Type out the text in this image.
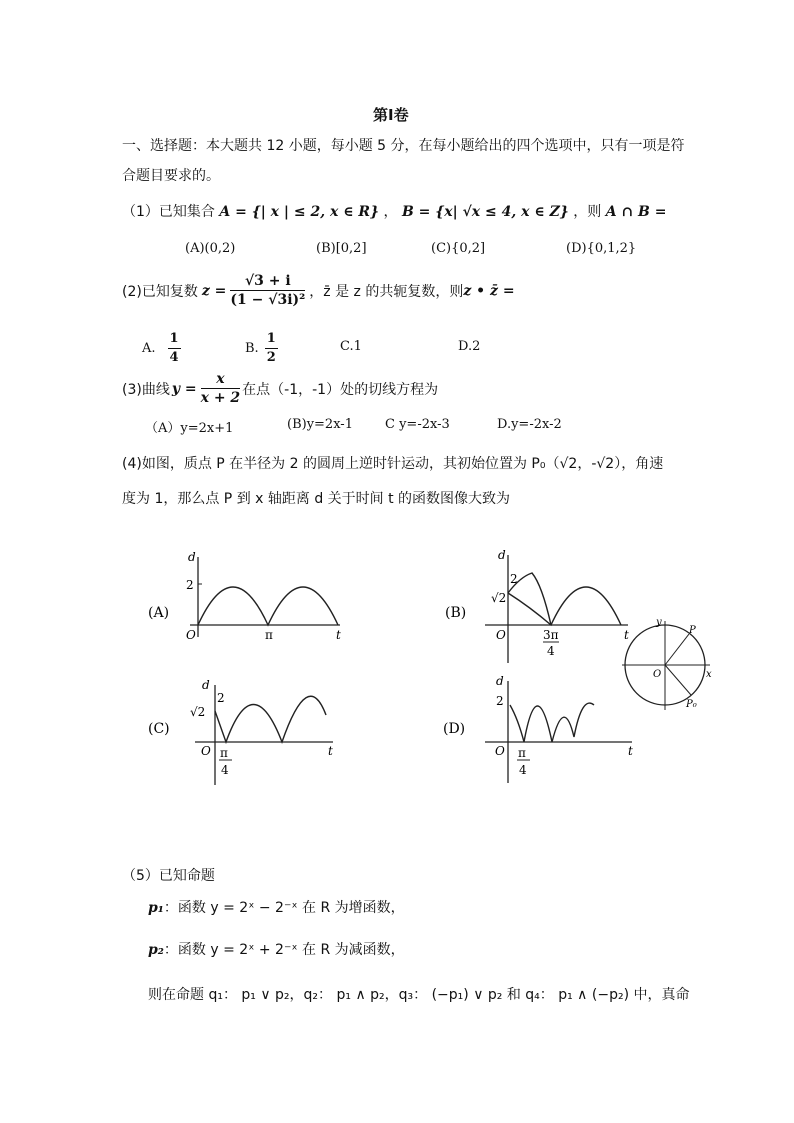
第Ⅰ卷
一、选择题：本大题共 12 小题，每小题 5 分，在每小题给出的四个选项中，只有一项是符
合题目要求的。
（1）已知集合 A = {| x | ≤ 2, x ∈ R} ， B = {x| √x ≤ 4, x ∈ Z} ，则 A ∩ B =
(A)(0,2)	(B)[0,2]	(C){0,2]	(D){0,1,2}
(2)已知复数 $z = \frac{√3 + i}{\text{(1 − √3i)²}}$ ，z̄ 是 z 的共轭复数，则 z • z̄ =
A. $\frac{1}{4}$	B. $\frac{1}{2}$	C.1	D.2
(3)曲线 $y = \frac{x}{x + 2}$ 在点（-1，-1）处的切线方程为
（A）y=2x+1	(B)y=2x-1 C y=-2x-3	D.y=-2x-2
(4)如图，质点 P 在半径为 2 的圆周上逆时针运动，其初始位置为 P₀（√2，-√2），角速
度为 1，那么点 P 到 x 轴距离 d 关于时间 t 的函数图像大致为
(A)
d
t
O
2
π
(B)
d
t
O
2
√2
3π
4
y
x
O
P
P₀
(C)
d
t
O
2
√2
π
4
(D)
d
t
O
2
π
4
（5）已知命题
p₁：函数 y = 2ˣ − 2⁻ˣ 在 R 为增函数，
p₂：函数 y = 2ˣ + 2⁻ˣ 在 R 为减函数，
则在命题 q₁： p₁ ∨ p₂，q₂： p₁ ∧ p₂，q₃： (−p₁) ∨ p₂ 和 q₄： p₁ ∧ (−p₂) 中，真命
